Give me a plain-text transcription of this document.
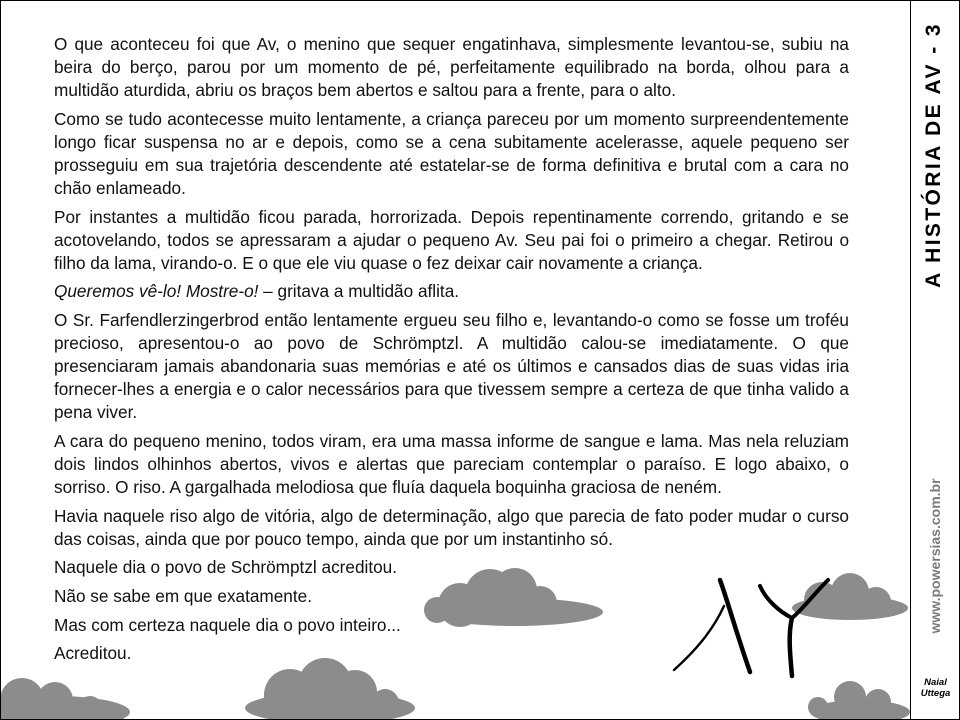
O que aconteceu foi que Av, o menino que sequer engatinhava, simplesmente levantou-se, subiu na beira do berço, parou por um momento de pé, perfeitamente equilibrado na borda, olhou para a multidão aturdida, abriu os braços bem abertos e saltou para a frente, para o alto.

Como se tudo acontecesse muito lentamente, a criança pareceu por um momento surpreendentemente longo ficar suspensa no ar e depois, como se a cena subitamente acelerasse, aquele pequeno ser prosseguiu em sua trajetória descendente até estatelar-se de forma definitiva e brutal com a cara no chão enlameado.

Por instantes a multidão ficou parada, horrorizada. Depois repentinamente correndo, gritando e se acotovelando, todos se apressaram a ajudar o pequeno Av. Seu pai foi o primeiro a chegar. Retirou o filho da lama, virando-o. E o que ele viu quase o fez deixar cair novamente a criança.

Queremos vê-lo! Mostre-o! – gritava a multidão aflita.

O Sr. Farfendlerzingerbrod então lentamente ergueu seu filho e, levantando-o como se fosse um troféu precioso, apresentou-o ao povo de Schrömptzl. A multidão calou-se imediatamente. O que presenciaram jamais abandonaria suas memórias e até os últimos e cansados dias de suas vidas iria fornecer-lhes a energia e o calor necessários para que tivessem sempre a certeza de que tinha valido a pena viver.

A cara do pequeno menino, todos viram, era uma massa informe de sangue e lama. Mas nela reluziam dois lindos olhinhos abertos, vivos e alertas que pareciam contemplar o paraíso. E logo abaixo, o sorriso. O riso. A gargalhada melodiosa que fluía daquela boquinha graciosa de neném.

Havia naquele riso algo de vitória, algo de determinação, algo que parecia de fato poder mudar o curso das coisas, ainda que por pouco tempo, ainda que por um instantinho só.

Naquele dia o povo de Schrömptzl acreditou.

Não se sabe em que exatamente.

Mas com certeza naquele dia o povo inteiro...

Acreditou.

A HISTÓRIA DE AV - 3
www.powersias.com.br
Naial
Uttega
